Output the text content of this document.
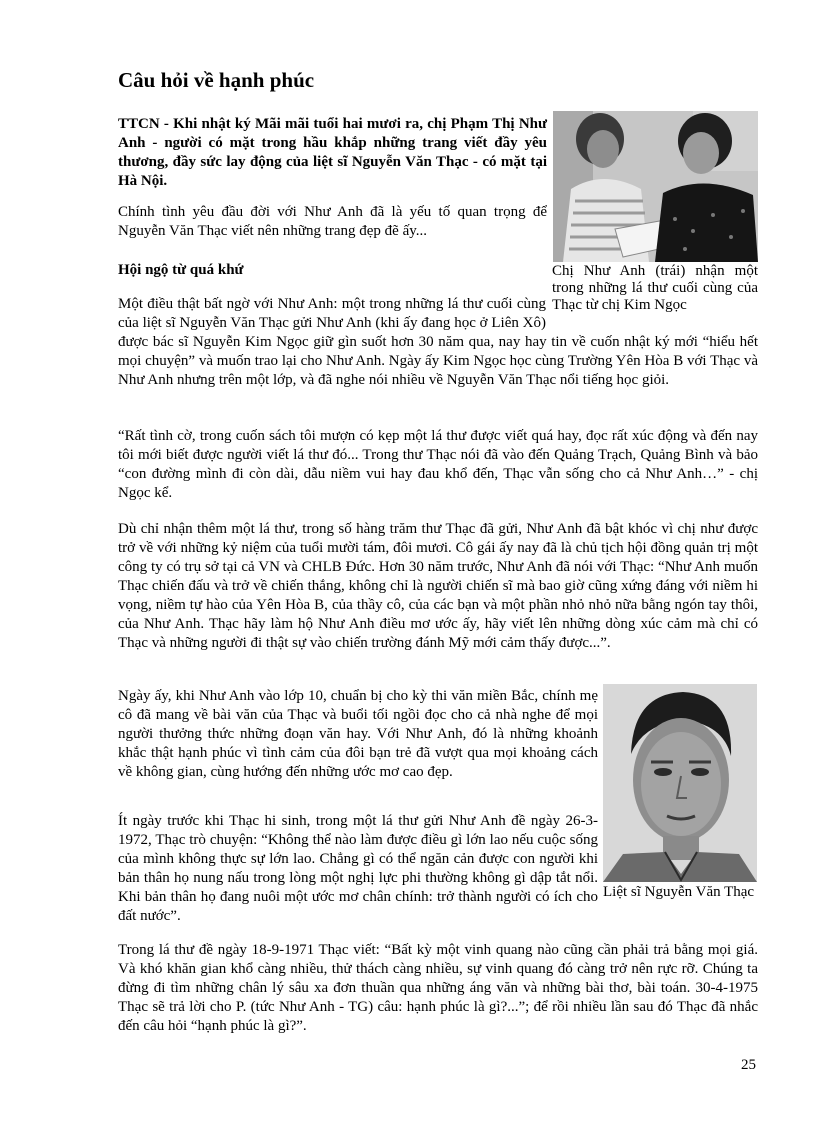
Câu hỏi về hạnh phúc

TTCN - Khi nhật ký Mãi mãi tuổi hai mươi ra, chị Phạm Thị Như Anh - người có mặt trong hầu khắp những trang viết đầy yêu thương, đầy sức lay động của liệt sĩ Nguyễn Văn Thạc - có mặt tại Hà Nội.

Chính tình yêu đầu đời với Như Anh đã là yếu tố quan trọng để Nguyễn Văn Thạc viết nên những trang đẹp đẽ ấy...

Hội ngộ từ quá khứ	Chị Như Anh (trái) nhận một trong những lá thư cuối cùng của Thạc từ chị Kim Ngọc

Một điều thật bất ngờ với Như Anh: một trong những lá thư cuối cùng của liệt sĩ Nguyễn Văn Thạc gửi Như Anh (khi ấy đang học ở Liên Xô) được bác sĩ Nguyễn Kim Ngọc giữ gìn suốt hơn 30 năm qua, nay hay tin về cuốn nhật ký mới “hiểu hết mọi chuyện” và muốn trao lại cho Như Anh. Ngày ấy Kim Ngọc học cùng Trường Yên Hòa B với Thạc và Như Anh nhưng trên một lớp, và đã nghe nói nhiều về Nguyễn Văn Thạc nổi tiếng học giỏi.

“Rất tình cờ, trong cuốn sách tôi mượn có kẹp một lá thư được viết quá hay, đọc rất xúc động và đến nay tôi mới biết được người viết lá thư đó... Trong thư Thạc nói đã vào đến Quảng Trạch, Quảng Bình và bảo “con đường mình đi còn dài, dẫu niềm vui hay đau khổ đến, Thạc vẫn sống cho cả Như Anh…” - chị Ngọc kể.

Dù chỉ nhận thêm một lá thư, trong số hàng trăm thư Thạc đã gửi, Như Anh đã bật khóc vì chị như được trở về với những kỷ niệm của tuổi mười tám, đôi mươi. Cô gái ấy nay đã là chủ tịch hội đồng quản trị một công ty có trụ sở tại cả VN và CHLB Đức. Hơn 30 năm trước, Như Anh đã nói với Thạc: “Như Anh muốn Thạc chiến đấu và trở về chiến thắng, không chỉ là người chiến sĩ mà bao giờ cũng xứng đáng với niềm hi vọng, niềm tự hào của Yên Hòa B, của thầy cô, của các bạn và một phần nhỏ nhỏ nữa bằng ngón tay thôi, của Như Anh. Thạc hãy làm hộ Như Anh điều mơ ước ấy, hãy viết lên những dòng xúc cảm mà chỉ có Thạc và những người đi thật sự vào chiến trường đánh Mỹ mới cảm thấy được...”.

Liệt sĩ Nguyễn Văn Thạc

Ngày ấy, khi Như Anh vào lớp 10, chuẩn bị cho kỳ thi văn miền Bắc, chính mẹ cô đã mang về bài văn của Thạc và buổi tối ngồi đọc cho cả nhà nghe để mọi người thưởng thức những đoạn văn hay. Với Như Anh, đó là những khoảnh khắc thật hạnh phúc vì tình cảm của đôi bạn trẻ đã vượt qua mọi khoảng cách về không gian, cùng hướng đến những ước mơ cao đẹp.

Ít ngày trước khi Thạc hi sinh, trong một lá thư gửi Như Anh đề ngày 26-3-1972, Thạc trò chuyện: “Không thể nào làm được điều gì lớn lao nếu cuộc sống của mình không thực sự lớn lao. Chẳng gì có thể ngăn cản được con người khi bản thân họ nung nấu trong lòng một nghị lực phi thường không gì dập tắt nổi. Khi bản thân họ đang nuôi một ước mơ chân chính: trở thành người có ích cho đất nước”.

Trong lá thư đề ngày 18-9-1971 Thạc viết: “Bất kỳ một vinh quang nào cũng cần phải trả bằng mọi giá. Và khó khăn gian khổ càng nhiều, thử thách càng nhiều, sự vinh quang đó càng trở nên rực rỡ. Chúng ta đừng đi tìm những chân lý sâu xa đơn thuần qua những áng văn và những bài thơ, bài toán. 30-4-1975 Thạc sẽ trả lời cho P. (tức Như Anh - TG) câu: hạnh phúc là gì?...”; để rồi nhiều lần sau đó Thạc đã nhắc đến câu hỏi “hạnh phúc là gì?”.

25
